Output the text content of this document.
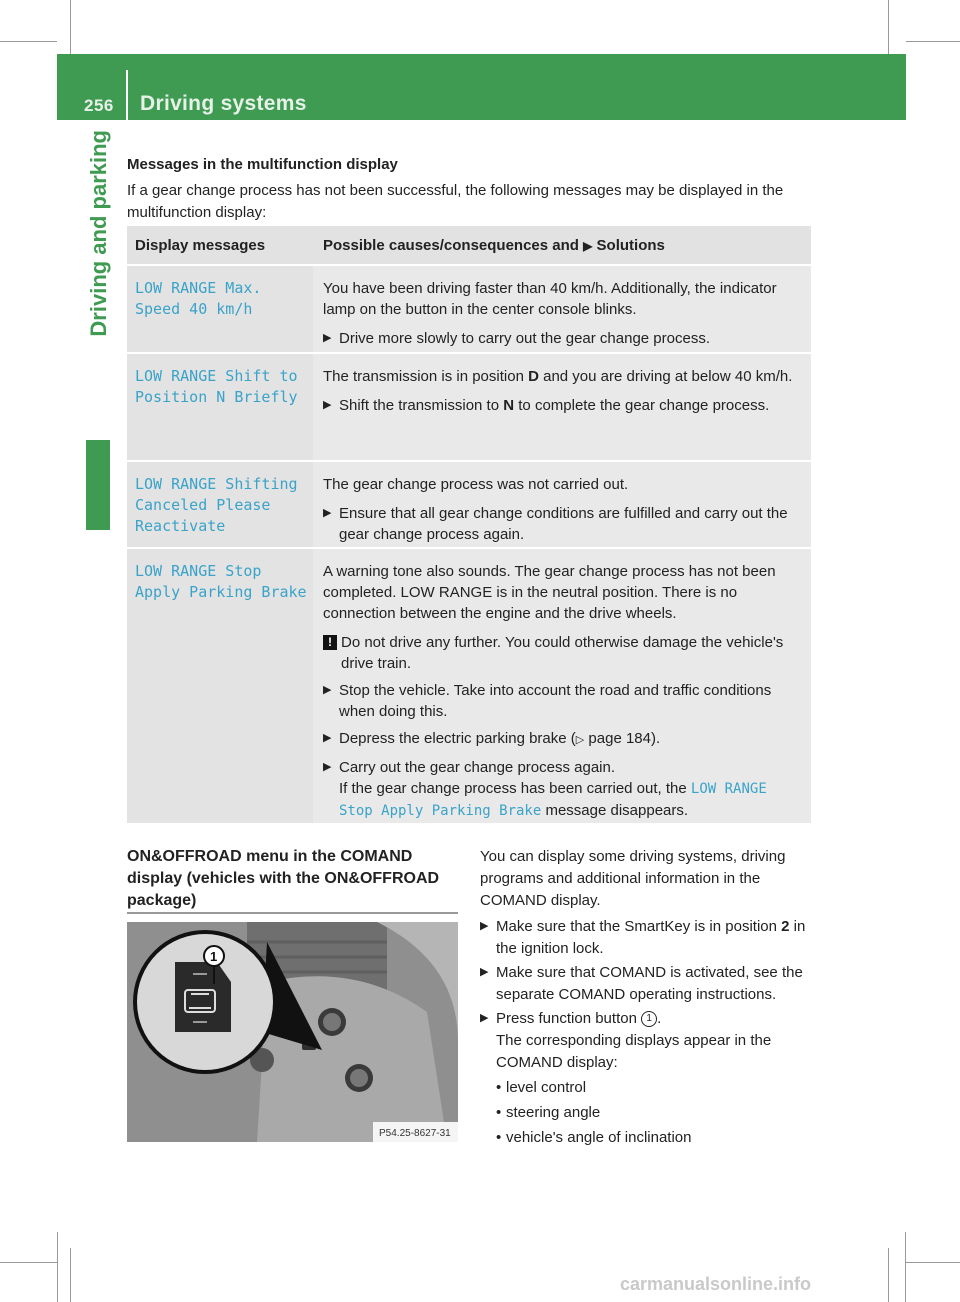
256 Driving systems
Driving and parking Messages in the multifunction display
If a gear change process has not been successful, the following messages may be displayed in the multifunction display:
Display messages	Possible causes/consequences and ▶ Solutions
LOW RANGE Max.
Speed 40 km/h

You have been driving faster than 40 km/h. Additionally, the indicator lamp on the button in the center console blinks.

▶ Drive more slowly to carry out the gear change process.
LOW RANGE Shift to
Position N Briefly

The transmission is in position D and you are driving at below 40 km/h.

▶ Shift the transmission to N to complete the gear change process.
LOW RANGE Shifting
Canceled Please
Reactivate

The gear change process was not carried out.

▶ Ensure that all gear change conditions are fulfilled and carry out the gear change process again.
LOW RANGE Stop
Apply Parking Brake

A warning tone also sounds. The gear change process has not been completed. LOW RANGE is in the neutral position. There is no connection between the engine and the drive wheels.

! Do not drive any further. You could otherwise damage the vehicle's drive train.
▶ Stop the vehicle. Take into account the road and traffic conditions when doing this.
▶ Depress the electric parking brake (▷ page 184).
▶ Carry out the gear change process again.
If the gear change process has been carried out, the LOW RANGE Stop Apply Parking Brake message disappears.
ON&OFFROAD menu in the COMAND display (vehicles with the ON&OFFROAD package)
1
P54.25-8627-31

You can display some driving systems, driving programs and additional information in the COMAND display.

▶ Make sure that the SmartKey is in position 2 in the ignition lock.
▶ Make sure that COMAND is activated, see the separate COMAND operating instructions.
▶ Press function button 1 .
The corresponding displays appear in the COMAND display:
• level control
• steering angle
• vehicle's angle of inclination
carmanualsonline.info
